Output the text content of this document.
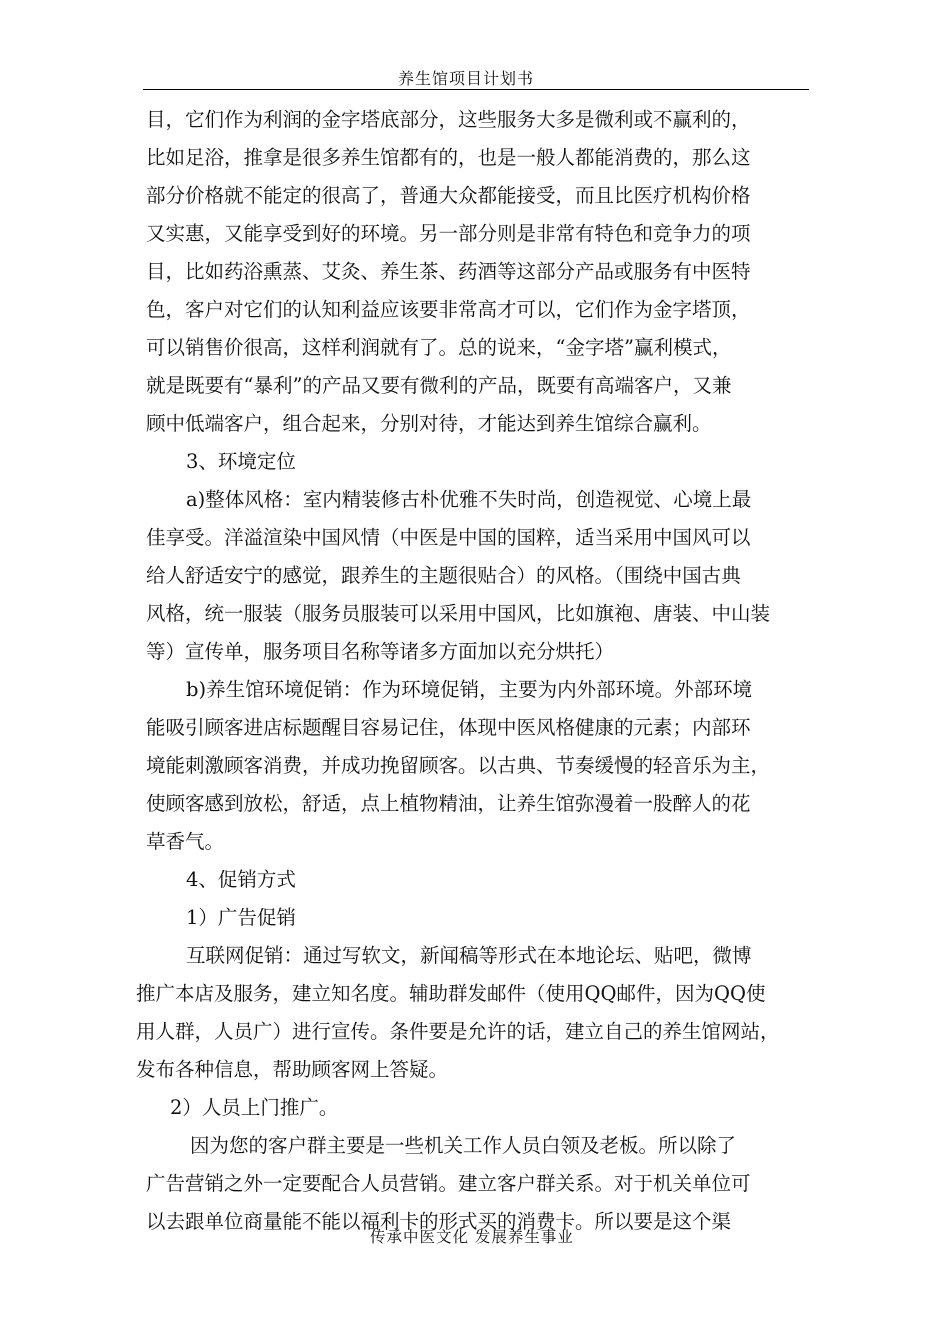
养生馆项目计划书
目，它们作为利润的金字塔底部分，这些服务大多是微利或不赢利的，
比如足浴，推拿是很多养生馆都有的，也是一般人都能消费的，那么这
部分价格就不能定的很高了，普通大众都能接受，而且比医疗机构价格
又实惠，又能享受到好的环境。另一部分则是非常有特色和竞争力的项
目，比如药浴熏蒸、艾灸、养生茶、药酒等这部分产品或服务有中医特
色，客户对它们的认知利益应该要非常高才可以，它们作为金字塔顶，
可以销售价很高，这样利润就有了。总的说来，“金字塔”赢利模式，
就是既要有“暴利”的产品又要有微利的产品，既要有高端客户，又兼
顾中低端客户，组合起来，分别对待，才能达到养生馆综合赢利。
3、环境定位
a)整体风格：室内精装修古朴优雅不失时尚，创造视觉、心境上最
佳享受。洋溢渲染中国风情（中医是中国的国粹，适当采用中国风可以
给人舒适安宁的感觉，跟养生的主题很贴合）的风格。（围绕中国古典
风格，统一服装（服务员服装可以采用中国风，比如旗袍、唐装、中山装
等）宣传单，服务项目名称等诸多方面加以充分烘托）
b)养生馆环境促销：作为环境促销，主要为内外部环境。外部环境
能吸引顾客进店标题醒目容易记住，体现中医风格健康的元素；内部环
境能刺激顾客消费，并成功挽留顾客。以古典、节奏缓慢的轻音乐为主，
使顾客感到放松，舒适，点上植物精油，让养生馆弥漫着一股醉人的花
草香气。
4、促销方式
1）广告促销
互联网促销：通过写软文，新闻稿等形式在本地论坛、贴吧，微博
推广本店及服务，建立知名度。辅助群发邮件（使用QQ邮件，因为QQ使
用人群，人员广）进行宣传。条件要是允许的话，建立自己的养生馆网站，
发布各种信息，帮助顾客网上答疑。
2）人员上门推广。
因为您的客户群主要是一些机关工作人员白领及老板。所以除了
广告营销之外一定要配合人员营销。建立客户群关系。对于机关单位可
以去跟单位商量能不能以福利卡的形式买的消费卡。所以要是这个渠
传承中医文化 发展养生事业
